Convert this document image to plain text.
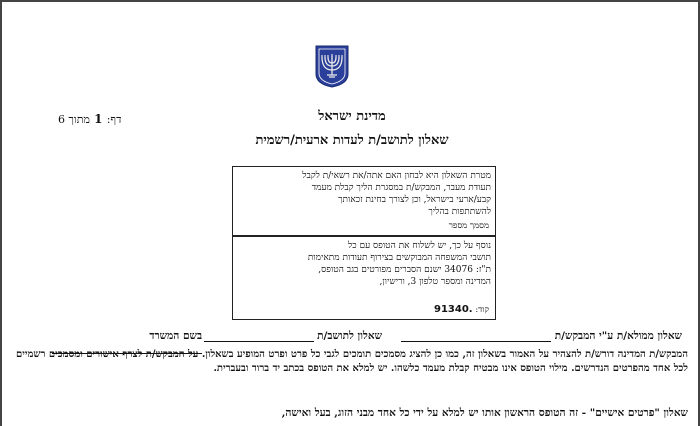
דף: 1 מתוך 6	מדינת ישראל
שאלון לתושב/ת לעדות ארעית/רשמית
מטרת השאלון היא לבחון האם אתה/את רשאי/ת לקבל
תעודת מעבר, המבקש/ת במסגרת הליך קבלת מעמד
קבע/ארעי בישראל, וכן לצורך בחינת זכאותך
להשתתפות בהליך
מסמך מספר
נוסף על כך, יש לשלוח את הטופס עם כל
תושבי המשפחה המבוקשים בצירוף תעודות מתאימות
ת"ז: 34076 ישנם הסברים מפורטים בגב הטופס,
המדינה ומספר טלפון 3, ורישיון,
קוד: .91340
שאלון ממולא/ת ע"י המבקש/ת
שאלון לתושב/ת
בשם המשרד
המבקש/ת המדינה דורש/ת להצהיר על האמור בשאלון זה, כמו כן להציג מסמכים תומכים לגבי כל פרט ופרט המופיע בשאלון. על המבקש/ת לצרף אישורים ומסמכים רשמיים לכל אחד מהפרטים הנדרשים. מילוי הטופס אינו מבטיח קבלת מעמד כלשהו. יש למלא את הטופס בכתב יד ברור ובעברית.
שאלון "פרטים אישיים" - זה הטופס הראשון אותו יש למלא על ידי כל אחד מבני הזוג, בעל ואישה,
